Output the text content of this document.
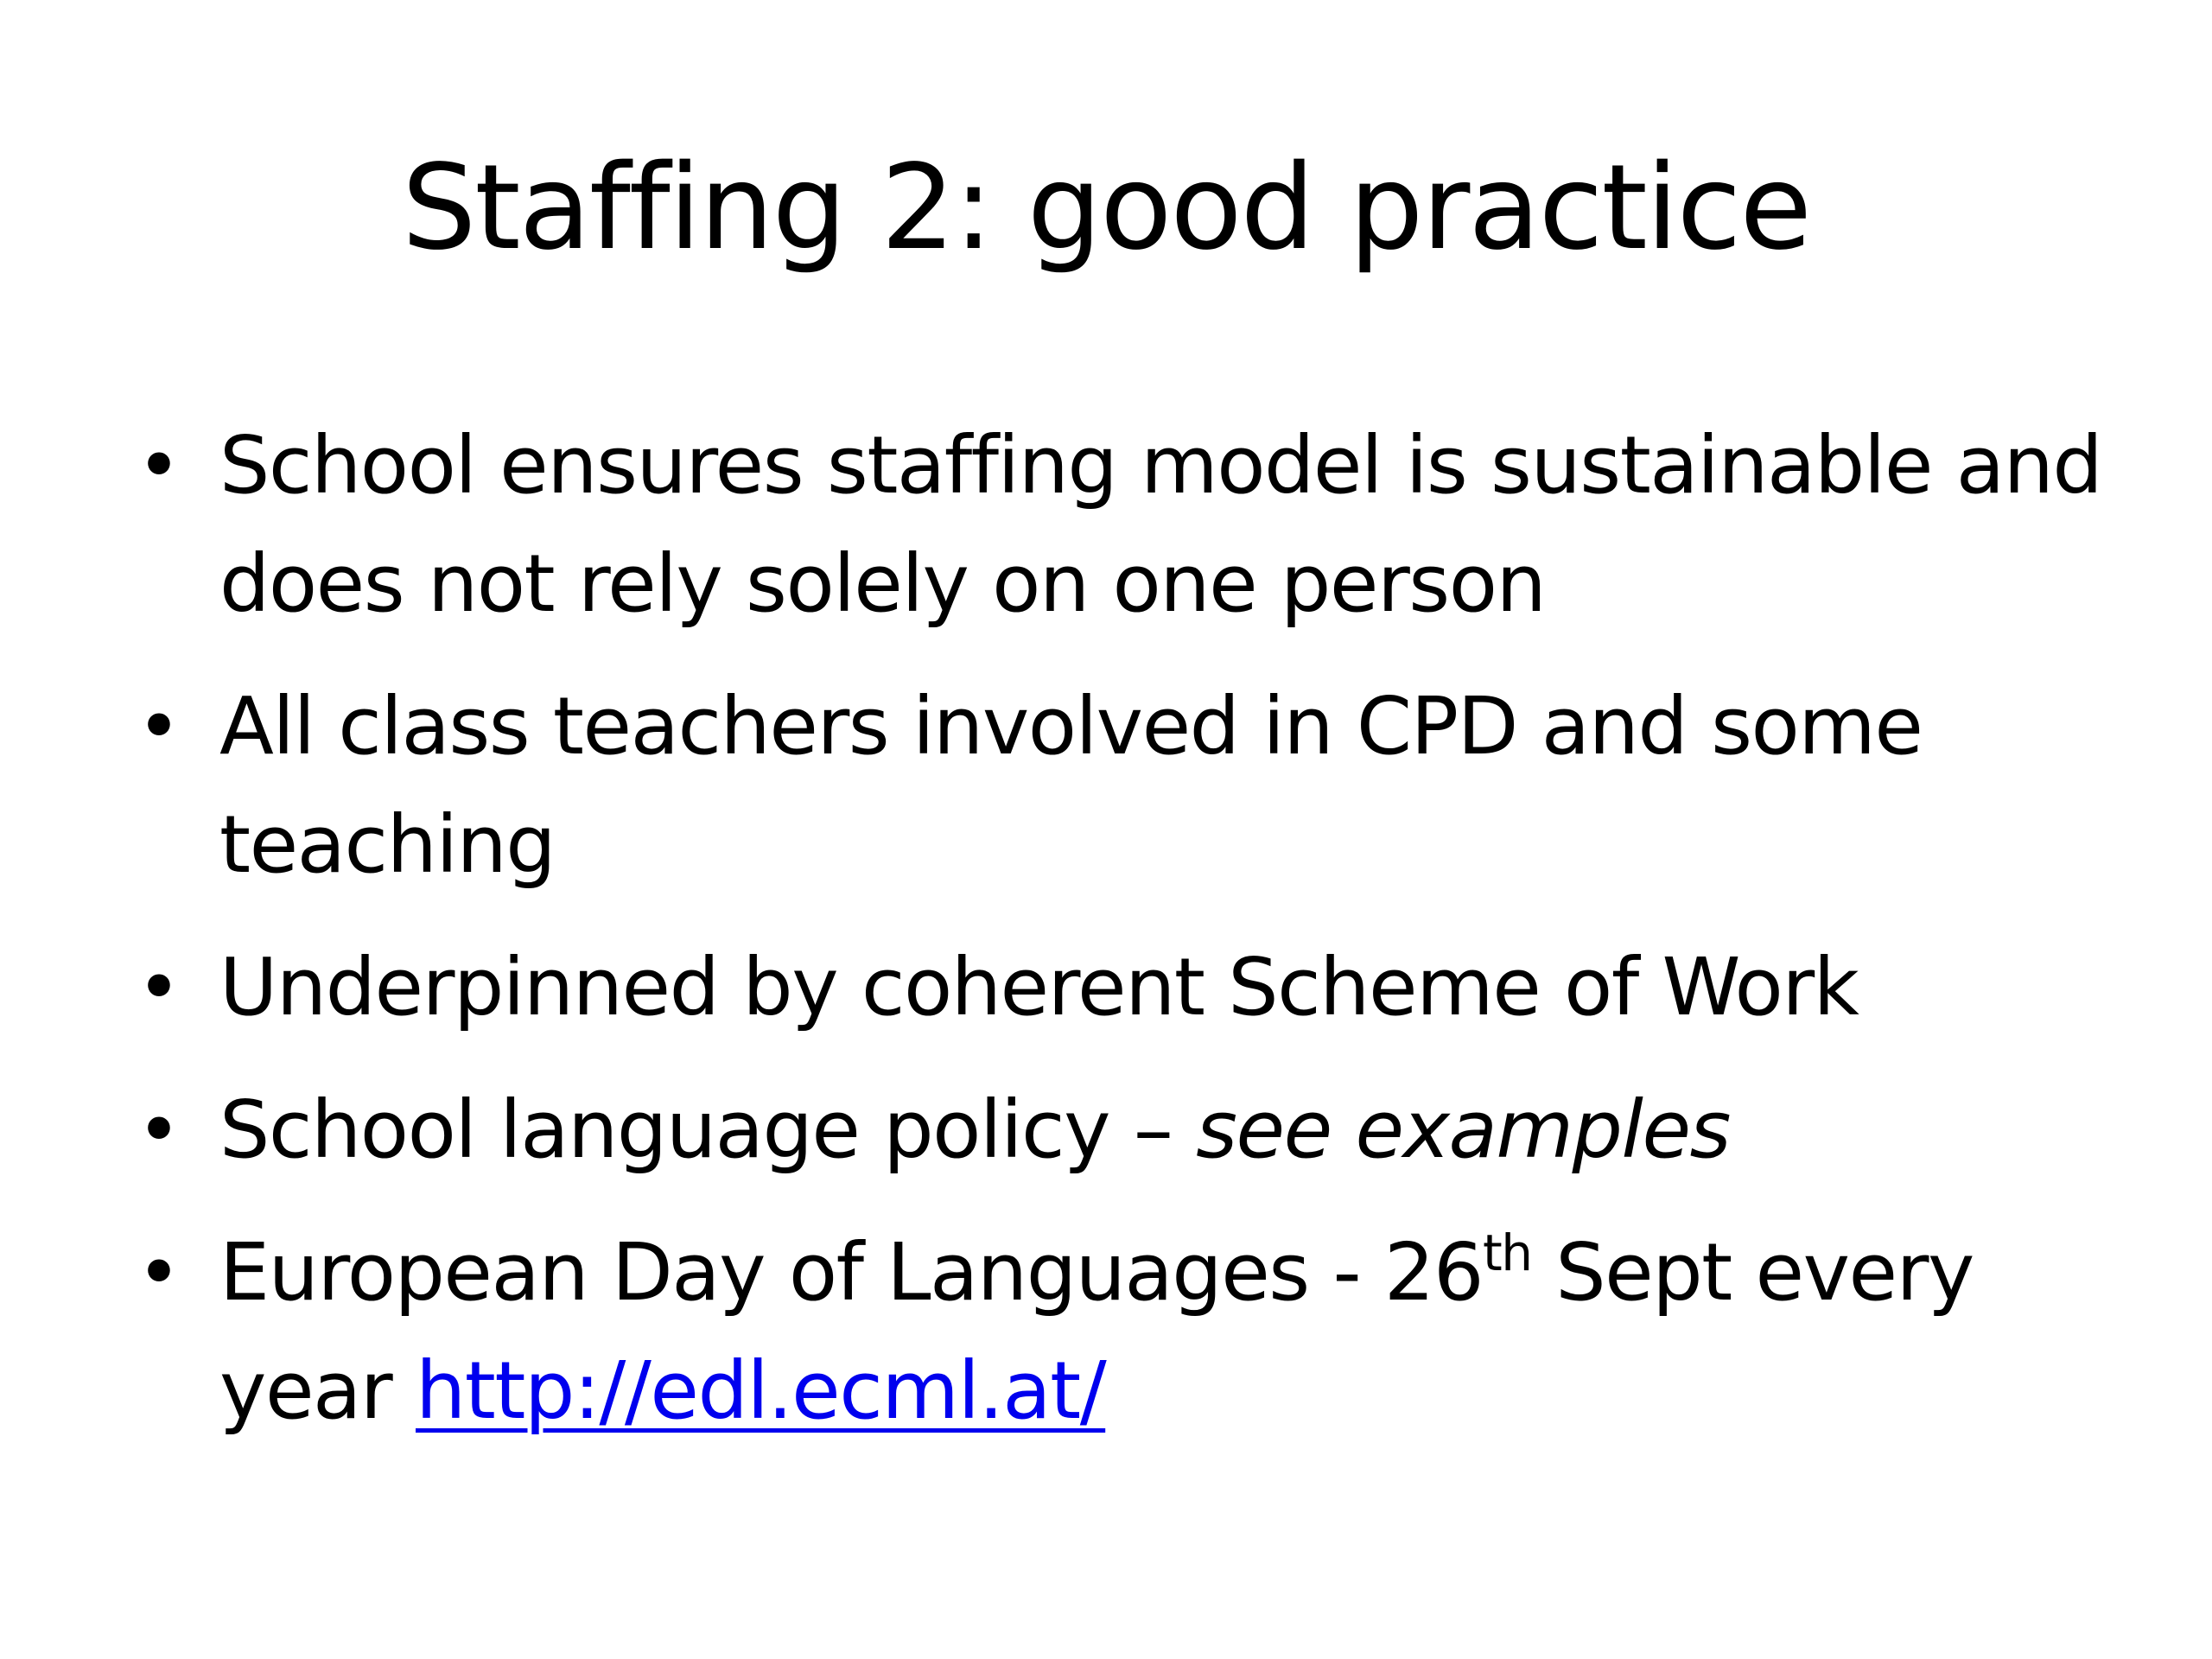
Staffing 2: good practice
• School ensures staffing model is sustainable and does not rely solely on one person
• All class teachers involved in CPD and some teaching
• Underpinned by coherent Scheme of Work
• School language policy – see examples
• European Day of Languages - 26th Sept every year http://edl.ecml.at/
